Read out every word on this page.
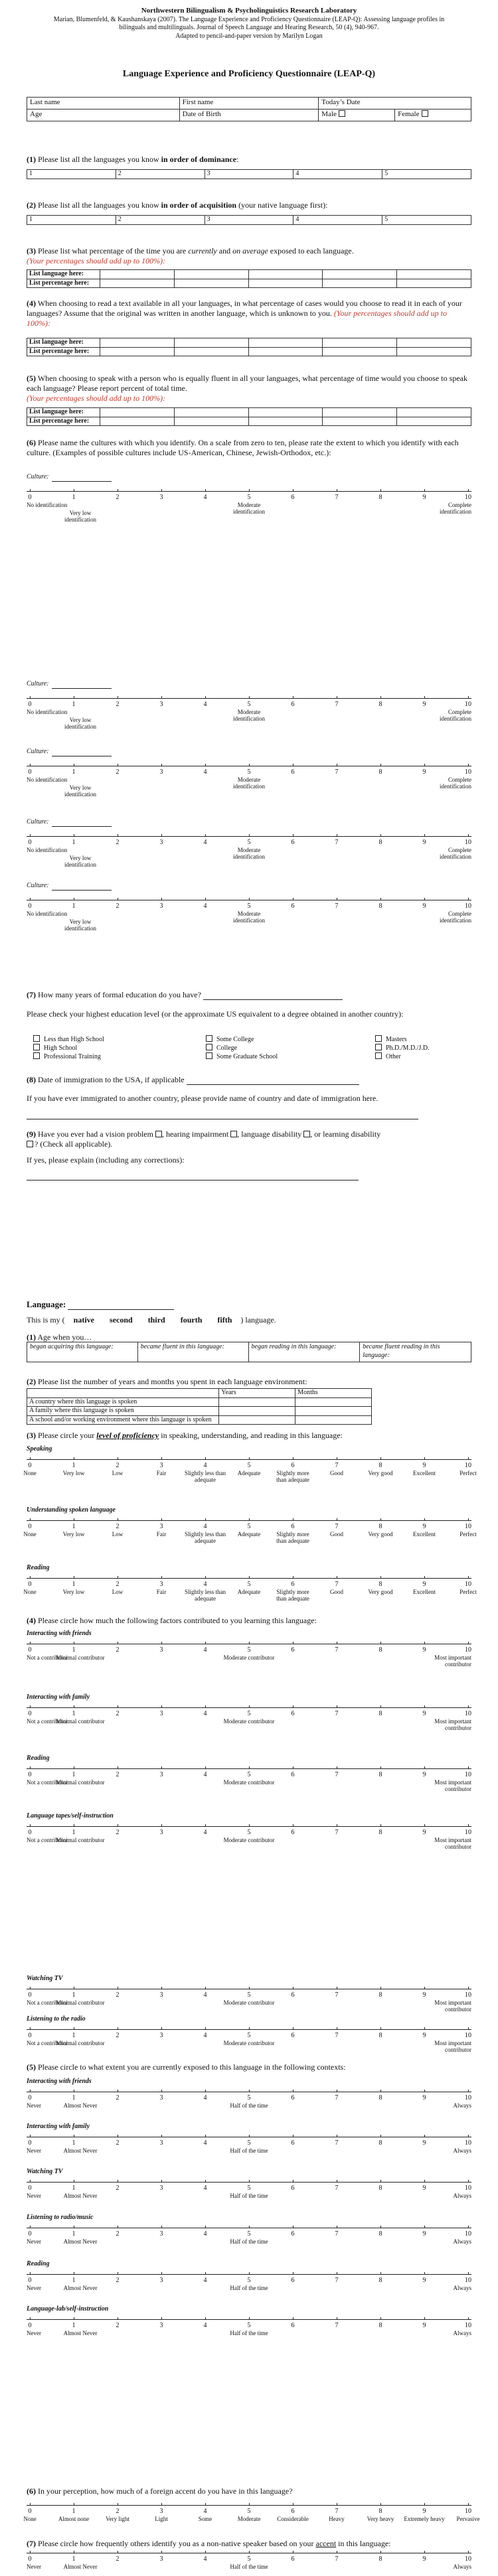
Northwestern Bilingualism & Psycholinguistics Research Laboratory
Marian, Blumenfeld, & Kaushanskaya (2007). The Language Experience and Proficiency Questionnaire (LEAP-Q): Assessing language profiles in bilinguals and multilinguals. Journal of Speech Language and Hearing Research, 50 (4), 940-967.
Adapted to pencil-and-paper version by Marilyn Logan
Language Experience and Proficiency Questionnaire (LEAP-Q)
Last name	First name	Today’s Date	
Age	Date of Birth	Male	Female
(1) Please list all the languages you know in order of dominance:
1	2	3	4	5
(2) Please list all the languages you know in order of acquisition (your native language first):
1	2	3	4	5
(3) Please list what percentage of the time you are currently and on average exposed to each language.
(Your percentages should add up to 100%):
List language here:					
List percentage here:					
(4) When choosing to read a text available in all your languages, in what percentage of cases would you choose to read it in each of your languages? Assume that the original was written in another language, which is unknown to you. (Your percentages should add up to 100%):
List language here:					
List percentage here:					
(5) When choosing to speak with a person who is equally fluent in all your languages, what percentage of time would you choose to speak each language? Please report percent of total time.
(Your percentages should add up to 100%):
List language here:					
List percentage here:					
(6) Please name the cultures with which you identify. On a scale from zero to ten, please rate the extent to which you identify with each culture. (Examples of possible cultures include US-American, Chinese, Jewish-Orthodox, etc.):
Culture:
0	1	2	3	4	5	6	7	8	9	10
No identification
Very low identification
Moderate identification
Complete identification
Culture:
0	1	2	3	4	5	6	7	8	9	10
No identification
Very low identification
Moderate identification
Complete identification
Culture:
0	1	2	3	4	5	6	7	8	9	10
No identification
Very low identification
Moderate identification
Complete identification
Culture:
0	1	2	3	4	5	6	7	8	9	10
No identification
Very low identification
Moderate identification
Complete identification
Culture:
0	1	2	3	4	5	6	7	8	9	10
No identification
Very low identification
Moderate identification
Complete identification
Speaking
0
None
1
Very low
2
Low
3
Fair
4
Slightly less than adequate
5
Adequate
6
Slightly more than adequate
7
Good
8
Very good
9
Excellent
10
Perfect
Understanding spoken language
0
None
1
Very low
2
Low
3
Fair
4
Slightly less than adequate
5
Adequate
6
Slightly more than adequate
7
Good
8
Very good
9
Excellent
10
Perfect
Reading
0
None
1
Very low
2
Low
3
Fair
4
Slightly less than adequate
5
Adequate
6
Slightly more than adequate
7
Good
8
Very good
9
Excellent
10
Perfect
Interacting with friends
0	1	2	3	4	5	6	7	8	9	10
Not a contributor
Minimal contributor	Moderate contributor	Most important contributor
Interacting with family
0	1	2	3	4	5	6	7	8	9	10
Not a contributor
Minimal contributor	Moderate contributor	Most important contributor
Reading
0	1	2	3	4	5	6	7	8	9	10
Not a contributor
Minimal contributor	Moderate contributor	Most important contributor
Language tapes/self-instruction
0	1	2	3	4	5	6	7	8	9	10
Not a contributor
Minimal contributor	Moderate contributor	Most important contributor
Watching TV
0	1	2	3	4	5	6	7	8	9	10
Not a contributor
Minimal contributor	Moderate contributor	Most important contributor
Listening to the radio
0	1	2	3	4	5	6	7	8	9	10
Not a contributor
Minimal contributor	Moderate contributor	Most important contributor
Interacting with friends
0	1	2	3	4	5	6	7	8	9	10
Never	Almost Never	Half of the time	Always
Interacting with family
0	1	2	3	4	5	6	7	8	9	10
Never	Almost Never	Half of the time	Always
Watching TV
0	1	2	3	4	5	6	7	8	9	10
Never	Almost Never	Half of the time	Always
Listening to radio/music
0	1	2	3	4	5	6	7	8	9	10
Never	Almost Never	Half of the time	Always
Reading
0	1	2	3	4	5	6	7	8	9	10
Never	Almost Never	Half of the time	Always
Language-lab/self-instruction
0	1	2	3	4	5	6	7	8	9	10
Never	Almost Never	Half of the time	Always
0
None
1
Almost none
2
Very light
3
Light
4
Some
5
Moderate
6
Considerable
7
Heavy
8
Very heavy
9
Extremely heavy
10
Pervasive
0	1	2	3	4	5	6	7	8	9	10
Never	Almost Never	Half of the time	Always
(7) How many years of formal education do you have?
Please check your highest education level (or the approximate US equivalent to a degree obtained in another country):
Less than High School
High School
Professional Training
Some College
College
Some Graduate School
Masters
Ph.D./M.D./J.D.
Other
(8) Date of immigration to the USA, if applicable
If you have ever immigrated to another country, please provide name of country and date of immigration here.
(9) Have you ever had a vision problem , hearing impairment , language disability , or learning disability
? (Check all applicable).
If yes, please explain (including any corrections):
Language:
This is my ( native second third fourth fifth ) language.
(1) Age when you…
began acquiring this language:	became fluent in this language:	began reading in this language:	became fluent reading in this language:
(2) Please list the number of years and months you spent in each language environment:
	Years	Months
A country where this language is spoken		
A family where this language is spoken		
A school and/or working environment where this language is spoken		
(3) Please circle your level of proficiency in speaking, understanding, and reading in this language:
(4) Please circle how much the following factors contributed to you learning this language:
(5) Please circle to what extent you are currently exposed to this language in the following contexts:
(6) In your perception, how much of a foreign accent do you have in this language?
(7) Please circle how frequently others identify you as a non-native speaker based on your accent in this language:
